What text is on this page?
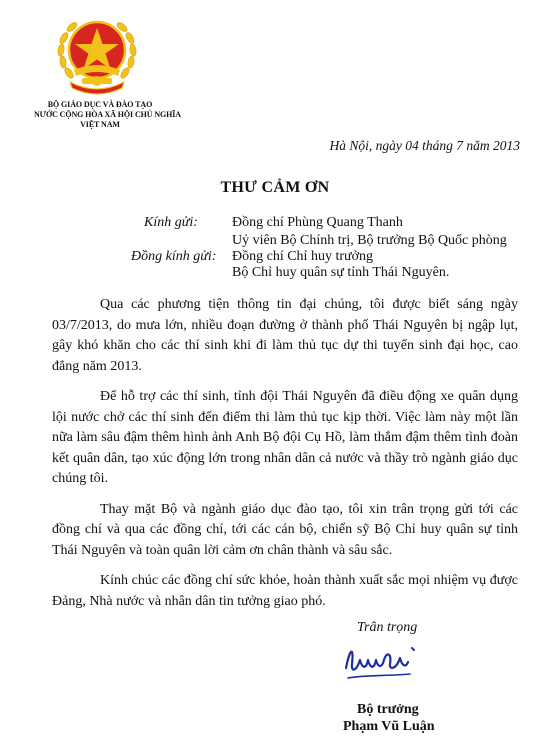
BỘ GIÁO DỤC VÀ ĐÀO TẠO
NƯỚC CỘNG HÒA XÃ HỘI CHỦ NGHĨA
VIỆT NAM
Hà Nội, ngày 04 tháng 7 năm 2013
THƯ CẢM ƠN
Kính gửi: Đồng chí Phùng Quang Thanh
Uỷ viên Bộ Chính trị, Bộ trưởng Bộ Quốc phòng
Đồng kính gửi: Đồng chí Chỉ huy trưởng
Bộ Chỉ huy quân sự tỉnh Thái Nguyên.

Qua các phương tiện thông tin đại chúng, tôi được biết sáng ngày 03/7/2013, do mưa lớn, nhiều đoạn đường ở thành phố Thái Nguyên bị ngập lụt, gây khó khăn cho các thí sinh khi đi làm thủ tục dự thi tuyển sinh đại học, cao đẳng năm 2013.

Để hỗ trợ các thí sinh, tỉnh đội Thái Nguyên đã điều động xe quân dụng lội nước chở các thí sinh đến điểm thi làm thủ tục kịp thời. Việc làm này một lần nữa làm sâu đậm thêm hình ảnh Anh Bộ đội Cụ Hồ, làm thắm đậm thêm tình đoàn kết quân dân, tạo xúc động lớn trong nhân dân cả nước và thầy trò ngành giáo dục chúng tôi.

Thay mặt Bộ và ngành giáo dục đào tạo, tôi xin trân trọng gửi tới các đồng chí và qua các đồng chí, tới các cán bộ, chiến sỹ Bộ Chỉ huy quân sự tỉnh Thái Nguyên và toàn quân lời cảm ơn chân thành và sâu sắc.

Kính chúc các đồng chí sức khỏe, hoàn thành xuất sắc mọi nhiệm vụ được Đảng, Nhà nước và nhân dân tin tưởng giao phó.

Trân trọng
Bộ trưởng
Phạm Vũ Luận
